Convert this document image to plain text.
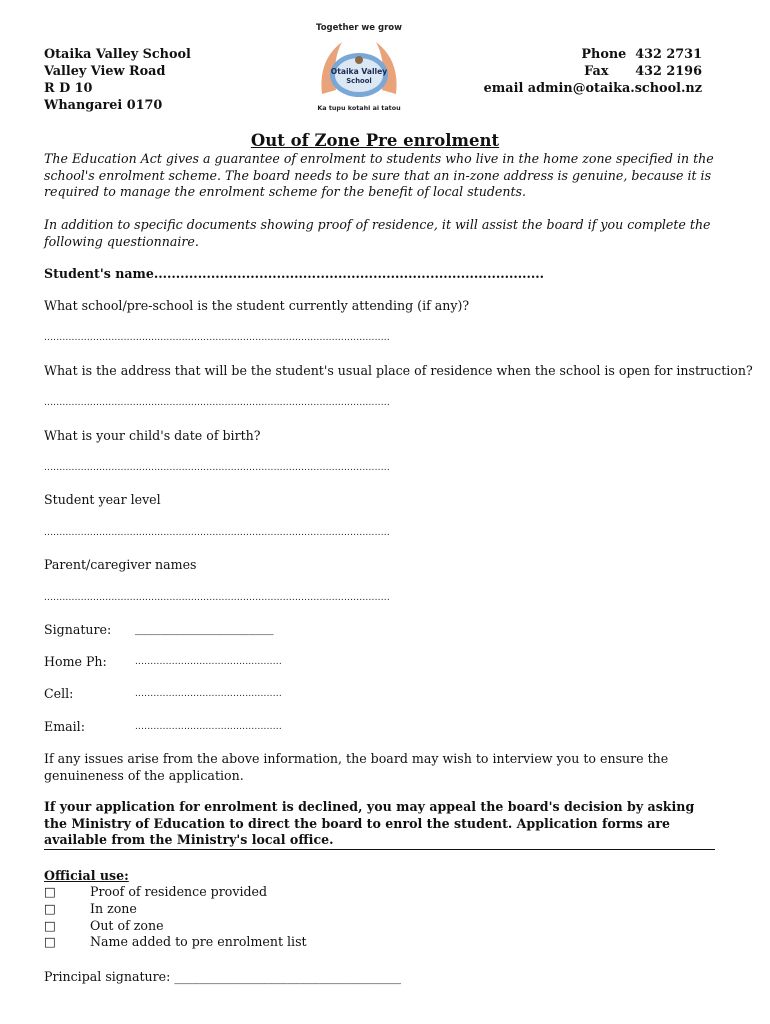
Otaika Valley School
Valley View Road
R D 10
Whangarei 0170
Together we grow
Otaika Valley
School
Ka tupu kotahi ai tatou
Phone  432 2731
Fax      432 2196
email admin@otaika.school.nz
Out of Zone Pre enrolment
The Education Act gives a guarantee of enrolment to students who live in the home zone specified in the school's enrolment scheme. The board needs to be sure that an in-zone address is genuine, because it is required to manage the enrolment scheme for the benefit of local students.
In addition to specific documents showing proof of residence, it will assist the board if you complete the following questionnaire.
Student's name.........................................................................................
What school/pre-school is the student currently attending (if any)?
.................................................................................................................
What is the address that will be the student's usual place of residence when the school is open for instruction?
.................................................................................................................
What is your child's date of birth?
.................................................................................................................
Student year level
.................................................................................................................
Parent/caregiver names
.................................................................................................................
Signature: ______________________
Home Ph:	................................................
Cell:	................................................
Email:	................................................
If any issues arise from the above information, the board may wish to interview you to ensure the genuineness of the application.
If your application for enrolment is declined, you may appeal the board's decision by asking the Ministry of Education to direct the board to enrol the student. Application forms are available from the Ministry's local office.
Official use:
□	Proof of residence provided
□	In zone
□	Out of zone
□	Name added to pre enrolment list
Principal signature: ____________________________________
